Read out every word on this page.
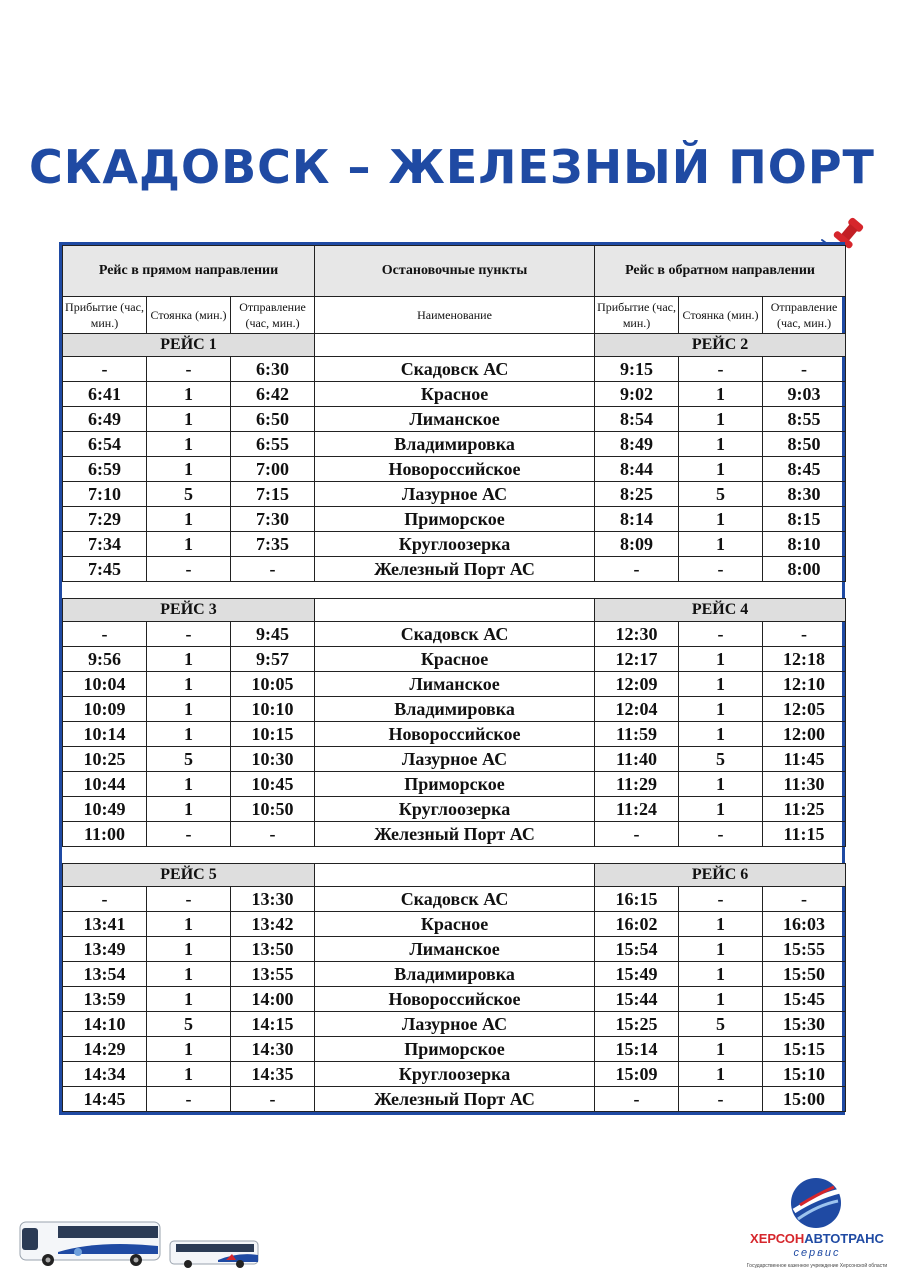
СКАДОВСК – ЖЕЛЕЗНЫЙ ПОРТ
Рейс в прямом направлении			Остановочные пункты	Рейс в обратном направлении		
Прибытие (час, мин.)	Стоянка (мин.)	Отправление (час, мин.)	Наименование	Прибытие (час, мин.)	Стоянка (мин.)	Отправление (час, мин.)
РЕЙС 1				РЕЙС 2		
-	-	6:30	Скадовск АС	9:15	-	-
6:41	1	6:42	Красное	9:02	1	9:03
6:49	1	6:50	Лиманское	8:54	1	8:55
6:54	1	6:55	Владимировка	8:49	1	8:50
6:59	1	7:00	Новороссийское	8:44	1	8:45
7:10	5	7:15	Лазурное АС	8:25	5	8:30
7:29	1	7:30	Приморское	8:14	1	8:15
7:34	1	7:35	Круглоозерка	8:09	1	8:10
7:45	-	-	Железный Порт АС	-	-	8:00

РЕЙС 3				РЕЙС 4		
-	-	9:45	Скадовск АС	12:30	-	-
9:56	1	9:57	Красное	12:17	1	12:18
10:04	1	10:05	Лиманское	12:09	1	12:10
10:09	1	10:10	Владимировка	12:04	1	12:05
10:14	1	10:15	Новороссийское	11:59	1	12:00
10:25	5	10:30	Лазурное АС	11:40	5	11:45
10:44	1	10:45	Приморское	11:29	1	11:30
10:49	1	10:50	Круглоозерка	11:24	1	11:25
11:00	-	-	Железный Порт АС	-	-	11:15

РЕЙС 5				РЕЙС 6		
-	-	13:30	Скадовск АС	16:15	-	-
13:41	1	13:42	Красное	16:02	1	16:03
13:49	1	13:50	Лиманское	15:54	1	15:55
13:54	1	13:55	Владимировка	15:49	1	15:50
13:59	1	14:00	Новороссийское	15:44	1	15:45
14:10	5	14:15	Лазурное АС	15:25	5	15:30
14:29	1	14:30	Приморское	15:14	1	15:15
14:34	1	14:35	Круглоозерка	15:09	1	15:10
14:45	-	-	Железный Порт АС	-	-	15:00
ХЕРСОНАВТОТРАНС
сервис
Государственное казенное учреждение Херсонской области
